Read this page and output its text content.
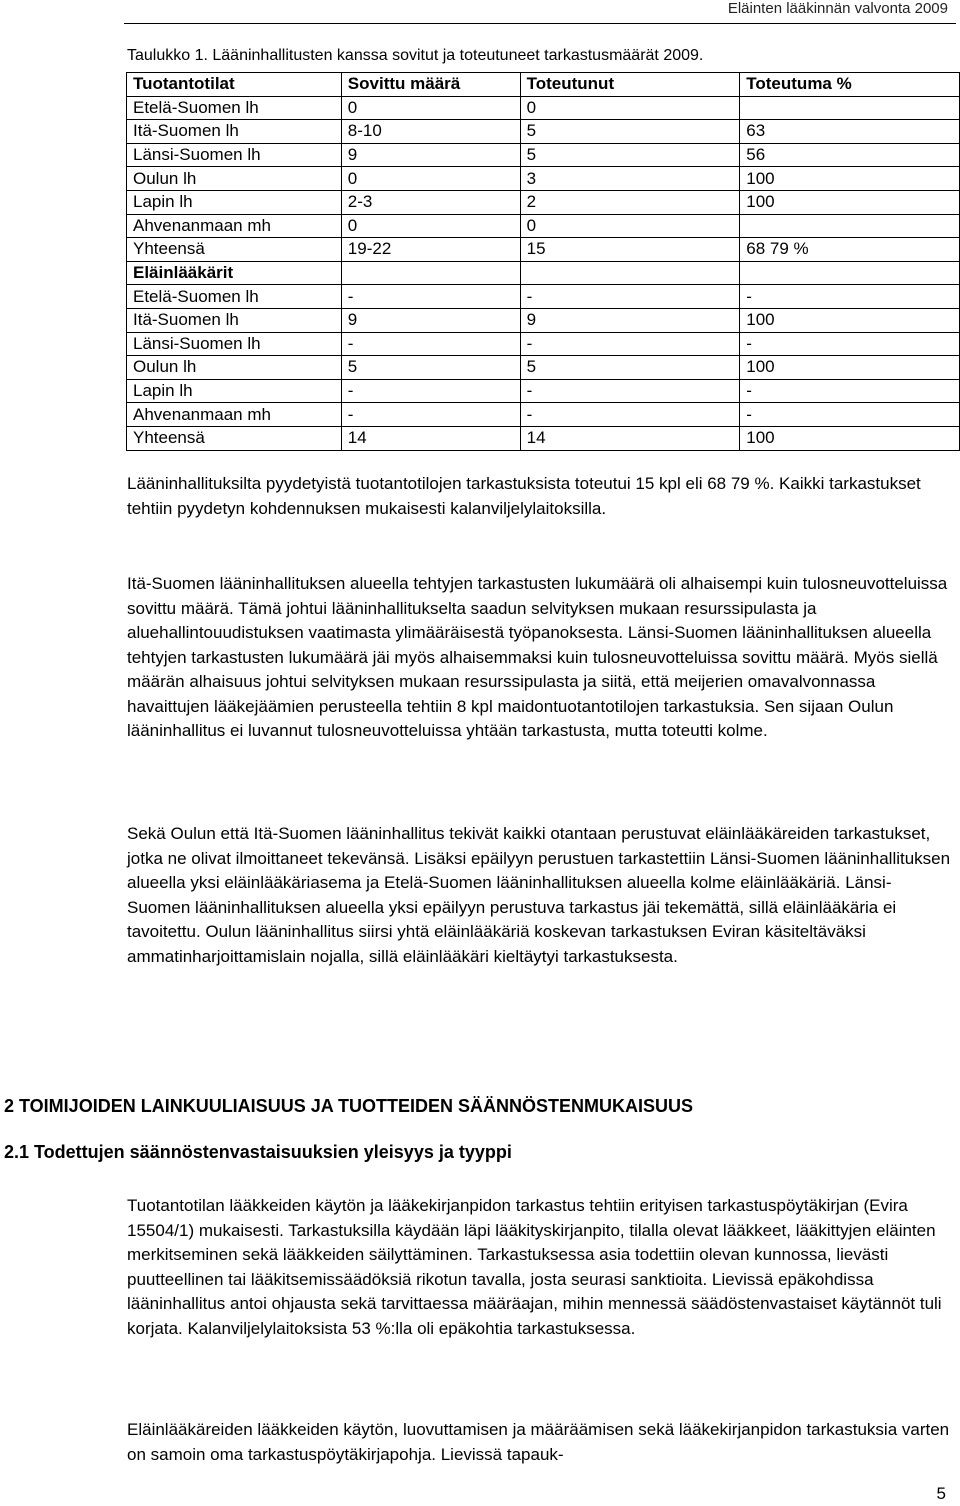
Eläinten lääkinnän valvonta 2009
Taulukko 1. Lääninhallitusten kanssa sovitut ja toteutuneet tarkastusmäärät 2009.
Tuotantotilat	Sovittu määrä	Toteutunut	Toteutuma %
Etelä-Suomen lh	0	0	
Itä-Suomen lh	8-10	5	63
Länsi-Suomen lh	9	5	56
Oulun lh	0	3	100
Lapin lh	2-3	2	100
Ahvenanmaan mh	0	0	
Yhteensä	19-22	15	68 79 %
Eläinlääkärit			
Etelä-Suomen lh	-	-	-
Itä-Suomen lh	9	9	100
Länsi-Suomen lh	-	-	-
Oulun lh	5	5	100
Lapin lh	-	-	-
Ahvenanmaan mh	-	-	-
Yhteensä	14	14	100

Lääninhallituksilta pyydetyistä tuotantotilojen tarkastuksista toteutui 15 kpl eli 68 79 %. Kaikki tarkastukset tehtiin pyydetyn kohdennuksen mukaisesti kalanviljelylaitoksilla.

Itä-Suomen lääninhallituksen alueella tehtyjen tarkastusten lukumäärä oli alhaisempi kuin tulosneuvotteluissa sovittu määrä. Tämä johtui lääninhallitukselta saadun selvityksen mukaan resurssipulasta ja aluehallintouudistuksen vaatimasta ylimääräisestä työpanoksesta. Länsi-Suomen lääninhallituksen alueella tehtyjen tarkastusten lukumäärä jäi myös alhaisemmaksi kuin tulosneuvotteluissa sovittu määrä. Myös siellä määrän alhaisuus johtui selvityksen mukaan resurssipulasta ja siitä, että meijerien omavalvonnassa havaittujen lääkejäämien perusteella tehtiin 8 kpl maidontuotantotilojen tarkastuksia. Sen sijaan Oulun lääninhallitus ei luvannut tulosneuvotteluissa yhtään tarkastusta, mutta toteutti kolme.

Sekä Oulun että Itä-Suomen lääninhallitus tekivät kaikki otantaan perustuvat eläinlääkäreiden tarkastukset, jotka ne olivat ilmoittaneet tekevänsä. Lisäksi epäilyyn perustuen tarkastettiin Länsi-Suomen lääninhallituksen alueella yksi eläinlääkäriasema ja Etelä-Suomen lääninhallituksen alueella kolme eläinlääkäriä. Länsi-Suomen lääninhallituksen alueella yksi epäilyyn perustuva tarkastus jäi tekemättä, sillä eläinlääkäria ei tavoitettu. Oulun lääninhallitus siirsi yhtä eläinlääkäriä koskevan tarkastuksen Eviran käsiteltäväksi ammatinharjoittamislain nojalla, sillä eläinlääkäri kieltäytyi tarkastuksesta.

2 TOIMIJOIDEN LAINKUULIAISUUS JA TUOTTEIDEN SÄÄNNÖSTENMUKAISUUS
2.1 Todettujen säännöstenvastaisuuksien yleisyys ja tyyppi

Tuotantotilan lääkkeiden käytön ja lääkekirjanpidon tarkastus tehtiin erityisen tarkastuspöytäkirjan (Evira 15504/1) mukaisesti. Tarkastuksilla käydään läpi lääkityskirjanpito, tilalla olevat lääkkeet, lääkittyjen eläinten merkitseminen sekä lääkkeiden säilyttäminen. Tarkastuksessa asia todettiin olevan kunnossa, lievästi puutteellinen tai lääkitsemissäädöksiä rikotun tavalla, josta seurasi sanktioita. Lievissä epäkohdissa lääninhallitus antoi ohjausta sekä tarvittaessa määräajan, mihin mennessä säädöstenvastaiset käytännöt tuli korjata. Kalanviljelylaitoksista 53 %:lla oli epäkohtia tarkastuksessa.

Eläinlääkäreiden lääkkeiden käytön, luovuttamisen ja määräämisen sekä lääkekirjanpidon tarkastuksia varten on samoin oma tarkastuspöytäkirjapohja. Lievissä tapauk-

5
